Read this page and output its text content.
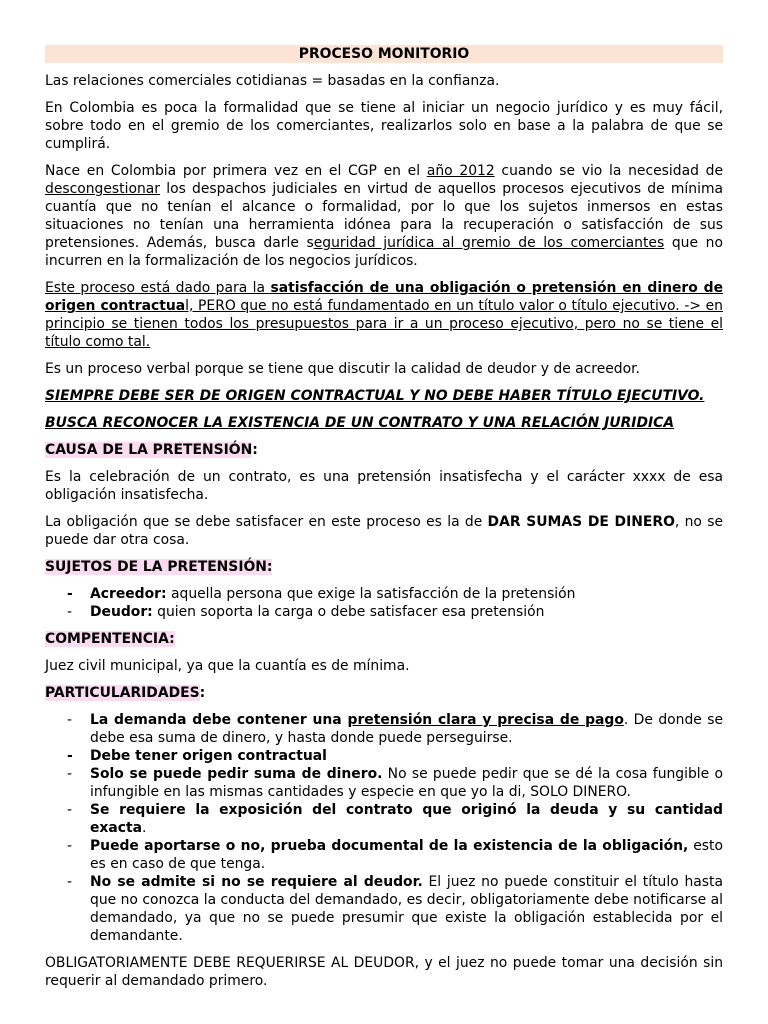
PROCESO MONITORIO

Las relaciones comerciales cotidianas = basadas en la confianza.

En Colombia es poca la formalidad que se tiene al iniciar un negocio jurídico y es muy fácil, sobre todo en el gremio de los comerciantes, realizarlos solo en base a la palabra de que se cumplirá.

Nace en Colombia por primera vez en el CGP en el año 2012 cuando se vio la necesidad de descongestionar los despachos judiciales en virtud de aquellos procesos ejecutivos de mínima cuantía que no tenían el alcance o formalidad, por lo que los sujetos inmersos en estas situaciones no tenían una herramienta idónea para la recuperación o satisfacción de sus pretensiones. Además, busca darle seguridad jurídica al gremio de los comerciantes que no incurren en la formalización de los negocios jurídicos.

Este proceso está dado para la satisfacción de una obligación o pretensión en dinero de origen contractual, PERO que no está fundamentado en un título valor o título ejecutivo. -> en principio se tienen todos los presupuestos para ir a un proceso ejecutivo, pero no se tiene el título como tal.

Es un proceso verbal porque se tiene que discutir la calidad de deudor y de acreedor.

SIEMPRE DEBE SER DE ORIGEN CONTRACTUAL Y NO DEBE HABER TÍTULO EJECUTIVO.

BUSCA RECONOCER LA EXISTENCIA DE UN CONTRATO Y UNA RELACIÓN JURIDICA

CAUSA DE LA PRETENSIÓN:

Es la celebración de un contrato, es una pretensión insatisfecha y el carácter xxxx de esa obligación insatisfecha.

La obligación que se debe satisfacer en este proceso es la de DAR SUMAS DE DINERO, no se puede dar otra cosa.

SUJETOS DE LA PRETENSIÓN:

- Acreedor: aquella persona que exige la satisfacción de la pretensión
- Deudor: quien soporta la carga o debe satisfacer esa pretensión

COMPENTENCIA:

Juez civil municipal, ya que la cuantía es de mínima.

PARTICULARIDADES:

- La demanda debe contener una pretensión clara y precisa de pago. De donde se debe esa suma de dinero, y hasta donde puede perseguirse.
- Debe tener origen contractual
- Solo se puede pedir suma de dinero. No se puede pedir que se dé la cosa fungible o infungible en las mismas cantidades y especie en que yo la di, SOLO DINERO.
- Se requiere la exposición del contrato que originó la deuda y su cantidad exacta.
- Puede aportarse o no, prueba documental de la existencia de la obligación, esto es en caso de que tenga.
- No se admite si no se requiere al deudor. El juez no puede constituir el título hasta que no conozca la conducta del demandado, es decir, obligatoriamente debe notificarse al demandado, ya que no se puede presumir que existe la obligación establecida por el demandante.

OBLIGATORIAMENTE DEBE REQUERIRSE AL DEUDOR, y el juez no puede tomar una decisión sin requerir al demandado primero.
